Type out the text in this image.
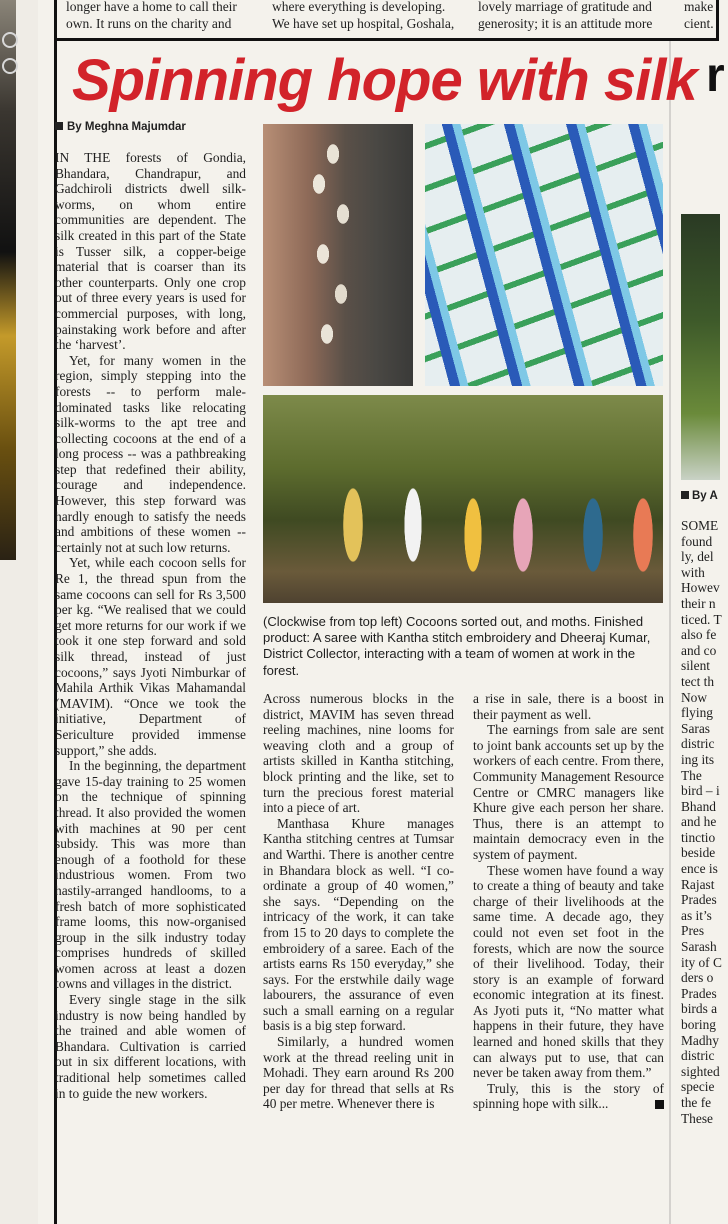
longer have a home to call their
own. It runs on the charity and
where everything is developing.
We have set up hospital, Goshala,
lovely marriage of gratitude and
generosity; it is an attitude more
make
cient.
Spinning hope with silk r
By Meghna Majumdar

IN THE forests of Gondia, Bhandara, Chandrapur, and Gadchiroli districts dwell silk-worms, on whom entire communities are dependent. The silk created in this part of the State is Tusser silk, a copper-beige material that is coarser than its other counterparts. Only one crop out of three every years is used for commercial purposes, with long, painstaking work before and after the ‘harvest’.

Yet, for many women in the region, simply stepping into the forests -- to perform male-dominated tasks like relocating silk-worms to the apt tree and collecting cocoons at the end of a long process -- was a pathbreaking step that redefined their ability, courage and independence. However, this step forward was hardly enough to satisfy the needs and ambitions of these women -- certainly not at such low returns.

Yet, while each cocoon sells for Re 1, the thread spun from the same cocoons can sell for Rs 3,500 per kg. “We realised that we could get more returns for our work if we took it one step forward and sold silk thread, instead of just cocoons,” says Jyoti Nimburkar of Mahila Arthik Vikas Mahamandal (MAVIM). “Once we took the initiative, Department of Sericulture provided immense support,” she adds.

In the beginning, the department gave 15-day training to 25 women on the technique of spinning thread. It also provided the women with machines at 90 per cent subsidy. This was more than enough of a foothold for these industrious women. From two hastily-arranged handlooms, to a fresh batch of more sophisticated frame looms, this now-organised group in the silk industry today comprises hundreds of skilled women across at least a dozen towns and villages in the district.

Every single stage in the silk industry is now being handled by the trained and able women of Bhandara. Cultivation is carried out in six different locations, with traditional help sometimes called in to guide the new workers.

(Clockwise from top left) Cocoons sorted out, and moths. Finished product: A saree with Kantha stitch embroidery and Dheeraj Kumar, District Collector, interacting with a team of women at work in the forest.

Across numerous blocks in the district, MAVIM has seven thread reeling machines, nine looms for weaving cloth and a group of artists skilled in Kantha stitching, block printing and the like, set to turn the precious forest material into a piece of art.

Manthasa Khure manages Kantha stitching centres at Tumsar and Warthi. There is another centre in Bhandara block as well. “I co-ordinate a group of 40 women,” she says. “Depending on the intricacy of the work, it can take from 15 to 20 days to complete the embroidery of a saree. Each of the artists earns Rs 150 everyday,” she says. For the erstwhile daily wage labourers, the assurance of even such a small earning on a regular basis is a big step forward.

Similarly, a hundred women work at the thread reeling unit in Mohadi. They earn around Rs 200 per day for thread that sells at Rs 40 per metre. Whenever there is

a rise in sale, there is a boost in their payment as well.

The earnings from sale are sent to joint bank accounts set up by the workers of each centre. From there, Community Management Resource Centre or CMRC managers like Khure give each person her share. Thus, there is an attempt to maintain democracy even in the system of payment.

These women have found a way to create a thing of beauty and take charge of their livelihoods at the same time. A decade ago, they could not even set foot in the forests, which are now the source of their livelihood. Today, their story is an example of forward economic integration at its finest. As Jyoti puts it, “No matter what happens in their future, they have learned and honed skills that they can always put to use, that can never be taken away from them.”

Truly, this is the story of spinning hope with silk...

By A
SOME
found
ly, del
with
Howev
their n
ticed. T
also fe
and co
silent
tect th
Now
flying
Saras
distric
ing its
The
bird – i
Bhand
and he
tinctio
beside
ence is
Rajast
Prades
as it’s
Pres
Sarash
ity of C
ders o
Prades
birds a
boring
Madhy
distric
sighted
specie
the fe
These
